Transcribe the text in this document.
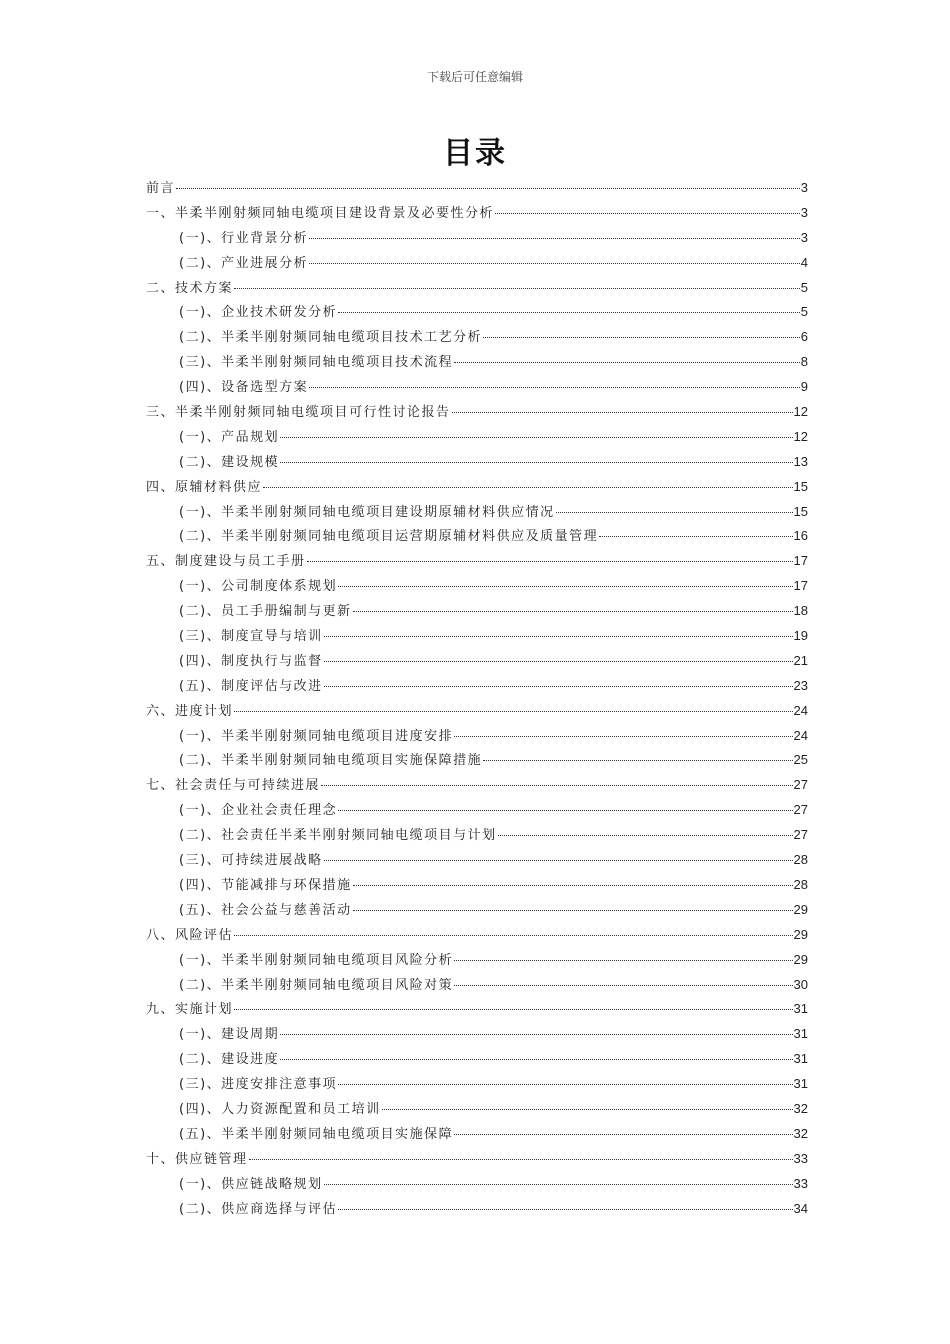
下载后可任意编辑
目录
前言	3
一、半柔半刚射频同轴电缆项目建设背景及必要性分析	3
(一)、行业背景分析	3
(二)、产业进展分析	4
二、技术方案	5
(一)、企业技术研发分析	5
(二)、半柔半刚射频同轴电缆项目技术工艺分析	6
(三)、半柔半刚射频同轴电缆项目技术流程	8
(四)、设备选型方案	9
三、半柔半刚射频同轴电缆项目可行性讨论报告	12
(一)、产品规划	12
(二)、建设规模	13
四、原辅材料供应	15
(一)、半柔半刚射频同轴电缆项目建设期原辅材料供应情况	15
(二)、半柔半刚射频同轴电缆项目运营期原辅材料供应及质量管理	16
五、制度建设与员工手册	17
(一)、公司制度体系规划	17
(二)、员工手册编制与更新	18
(三)、制度宣导与培训	19
(四)、制度执行与监督	21
(五)、制度评估与改进	23
六、进度计划	24
(一)、半柔半刚射频同轴电缆项目进度安排	24
(二)、半柔半刚射频同轴电缆项目实施保障措施	25
七、社会责任与可持续进展	27
(一)、企业社会责任理念	27
(二)、社会责任半柔半刚射频同轴电缆项目与计划	27
(三)、可持续进展战略	28
(四)、节能减排与环保措施	28
(五)、社会公益与慈善活动	29
八、风险评估	29
(一)、半柔半刚射频同轴电缆项目风险分析	29
(二)、半柔半刚射频同轴电缆项目风险对策	30
九、实施计划	31
(一)、建设周期	31
(二)、建设进度	31
(三)、进度安排注意事项	31
(四)、人力资源配置和员工培训	32
(五)、半柔半刚射频同轴电缆项目实施保障	32
十、供应链管理	33
(一)、供应链战略规划	33
(二)、供应商选择与评估	34
